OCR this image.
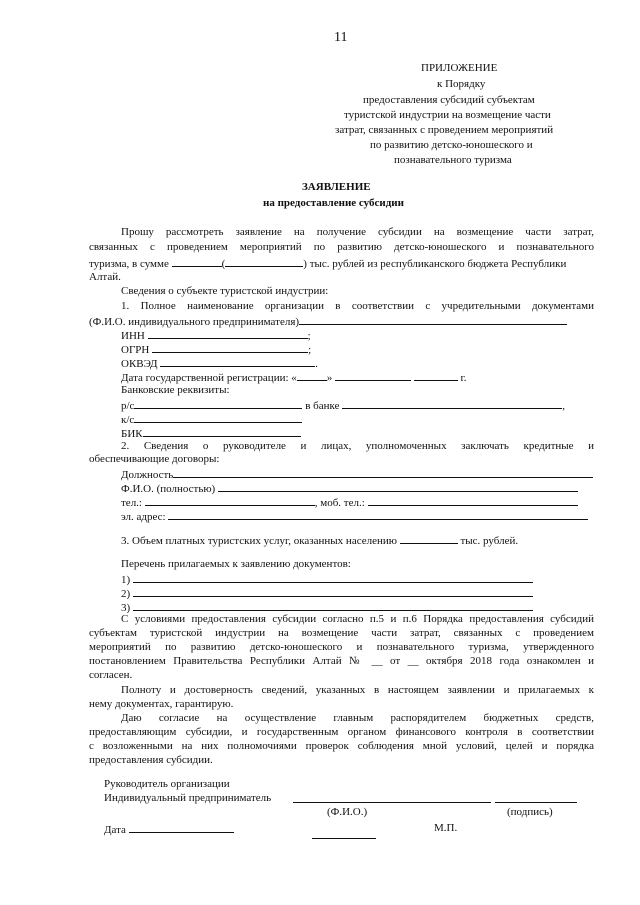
11
ПРИЛОЖЕНИЕ
к Порядку
предоставления субсидий субъектам
туристской индустрии на возмещение части
затрат, связанных с проведением мероприятий
по развитию детско-юношеского и
познавательного туризма
ЗАЯВЛЕНИЕ
на предоставление субсидии
Прошу рассмотреть заявление на получение субсидии на возмещение части затрат,
связанных с проведением мероприятий по развитию детско-юношеского и познавательного
туризма, в сумме	(	) тыс. рублей из республиканского бюджета Республики
Алтай.
Сведения о субъекте туристской индустрии:
1. Полное наименование организации в соответствии с учредительными документами
(Ф.И.О. индивидуального предпринимателя)
ИНН	;
ОГРН	;
ОКВЭД	.
Дата государственной регистрации: «	»	г.
Банковские реквизиты:
р/с	в банке	,
к/с
БИК
2. Сведения о руководителе и лицах, уполномоченных заключать кредитные и
обеспечивающие договоры:
Должность
Ф.И.О. (полностью)
тел.:	, моб. тел.:
эл. адрес:
3. Объем платных туристских услуг, оказанных населению	тыс. рублей.
Перечень прилагаемых к заявлению документов:
1)
2)
3)
С условиями предоставления субсидии согласно п.5 и п.6 Порядка предоставления субсидий
субъектам туристской индустрии на возмещение части затрат, связанных с проведением
мероприятий по развитию детско-юношеского и познавательного туризма, утвержденного
постановлением Правительства Республики Алтай № __ от __ октября 2018 года ознакомлен и
согласен.
Полноту и достоверность сведений, указанных в настоящем заявлении и прилагаемых к
нему документах, гарантирую.
Даю согласие на осуществление главным распорядителем бюджетных средств,
предоставляющим субсидии, и государственным органом финансового контроля в соответствии
с возложенными на них полномочиями проверок соблюдения мной условий, целей и порядка
предоставления субсидии.
Руководитель организации
Индивидуальный предприниматель
(Ф.И.О.)	(подпись)
Дата	М.П.
